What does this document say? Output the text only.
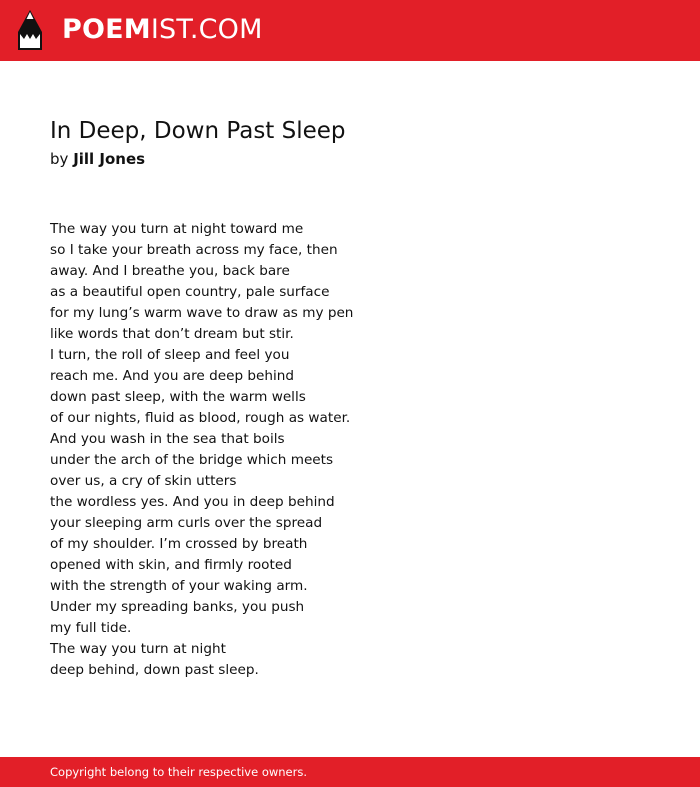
POEMIST.COM
In Deep, Down Past Sleep
by Jill Jones
The way you turn at night toward me
so I take your breath across my face, then
away. And I breathe you, back bare
as a beautiful open country, pale surface
for my lung’s warm wave to draw as my pen
like words that don’t dream but stir.
I turn, the roll of sleep and feel you
reach me. And you are deep behind
down past sleep, with the warm wells
of our nights, fluid as blood, rough as water.
And you wash in the sea that boils
under the arch of the bridge which meets
over us, a cry of skin utters
the wordless yes. And you in deep behind
your sleeping arm curls over the spread
of my shoulder. I’m crossed by breath
opened with skin, and firmly rooted
with the strength of your waking arm.
Under my spreading banks, you push
my full tide.
The way you turn at night
deep behind, down past sleep.
Copyright belong to their respective owners.
